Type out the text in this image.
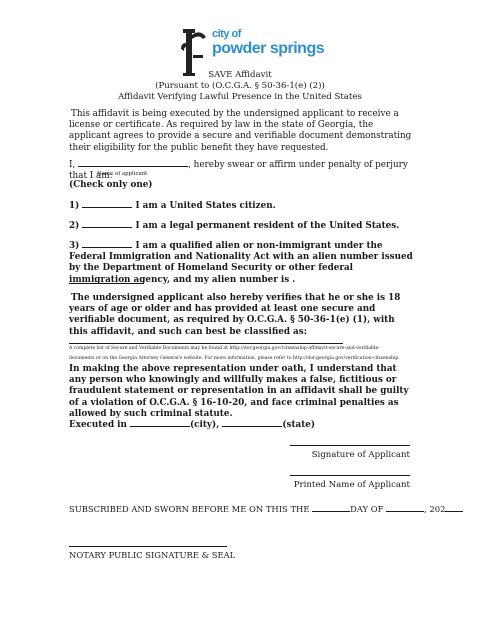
city of
powder springs
SAVE Affidavit
(Pursuant to (O.C.G.A. § 50-36-1(e) (2))
Affidavit Verifying Lawful Presence in the United States
This affidavit is being executed by the undersigned applicant to receive a license or certificate. As required by law in the state of Georgia, the applicant agrees to provide a secure and verifiable document demonstrating their eligibility for the public benefit they have requested.
I,	, hereby swear or affirm under penalty of perjury that I am:
Name of applicant
(Check only one)
1)	I am a United States citizen.
2)	I am a legal permanent resident of the United States.
3)	I am a qualified alien or non-immigrant under the Federal Immigration and Nationality Act with an alien number issued by the Department of Homeland Security or other federal immigration agency, and my alien number is .
The undersigned applicant also hereby verifies that he or she is 18 years of age or older and has provided at least one secure and verifiable document, as required by O.C.G.A. § 50-36-1(e) (1), with this affidavit, and such can best be classified as:
A complete list of Secure and Verifiable Documents may be found at http://dor.georgia.gov/citizenship-affidavit-secure-and-verifiable-
documents or on the Georgia Attorney General's website. For more information, please refer to http://dor.georgia.gov/verification-citizenship.
In making the above representation under oath, I understand that any person who knowingly and willfully makes a false, fictitious or fraudulent statement or representation in an affidavit shall be guilty of a violation of O.C.G.A. § 16-10-20, and face criminal penalties as allowed by such criminal statute.
Executed in	(city),	(state)
Signature of Applicant
Printed Name of Applicant
SUBSCRIBED AND SWORN BEFORE ME ON THIS THE	DAY OF	, 202
NOTARY PUBLIC SIGNATURE & SEAL
